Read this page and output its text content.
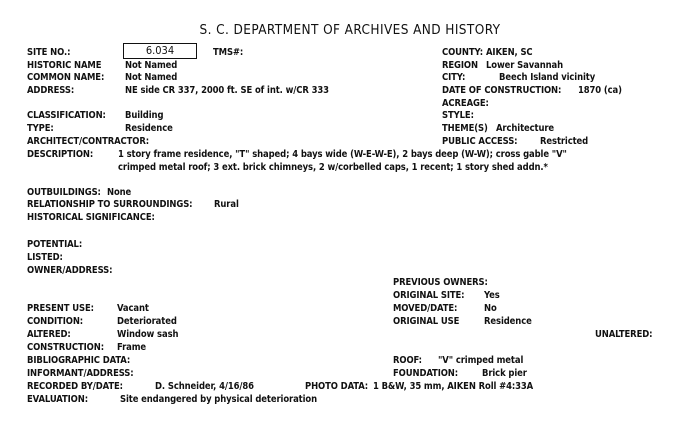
S. C. DEPARTMENT OF ARCHIVES AND HISTORY
SITE NO.:	6.034	TMS#:
HISTORIC NAME	Not Named
COMMON NAME: Not Named
ADDRESS:	NE side CR 337, 2000 ft. SE of int. w/CR 333
CLASSIFICATION: Building
TYPE:	Residence
ARCHITECT/CONTRACTOR:
DESCRIPTION:	1 story frame residence, "T" shaped; 4 bays wide (W-E-W-E), 2 bays deep (W-W); cross gable "V"
crimped metal roof; 3 ext. brick chimneys, 2 w/corbelled caps, 1 recent; 1 story shed addn.*
OUTBUILDINGS: None
RELATIONSHIP TO SURROUNDINGS: Rural
HISTORICAL SIGNIFICANCE:
POTENTIAL:
LISTED:
OWNER/ADDRESS:
PRESENT USE: Vacant
CONDITION:	Deteriorated
ALTERED:	Window sash
CONSTRUCTION: Frame
BIBLIOGRAPHIC DATA:
INFORMANT/ADDRESS:
RECORDED BY/DATE:	D. Schneider, 4/16/86	PHOTO DATA: 1 B&W, 35 mm, AIKEN Roll #4:33A
EVALUATION:	Site endangered by physical deterioration
COUNTY: AIKEN, SC
REGION Lower Savannah
CITY:	Beech Island vicinity
DATE OF CONSTRUCTION: 1870 (ca)
ACREAGE:
STYLE:
THEME(S) Architecture
PUBLIC ACCESS: Restricted
PREVIOUS OWNERS:
ORIGINAL SITE: Yes
MOVED/DATE:	No
ORIGINAL USE	Residence
UNALTERED:
ROOF: "V" crimped metal
FOUNDATION:	Brick pier
